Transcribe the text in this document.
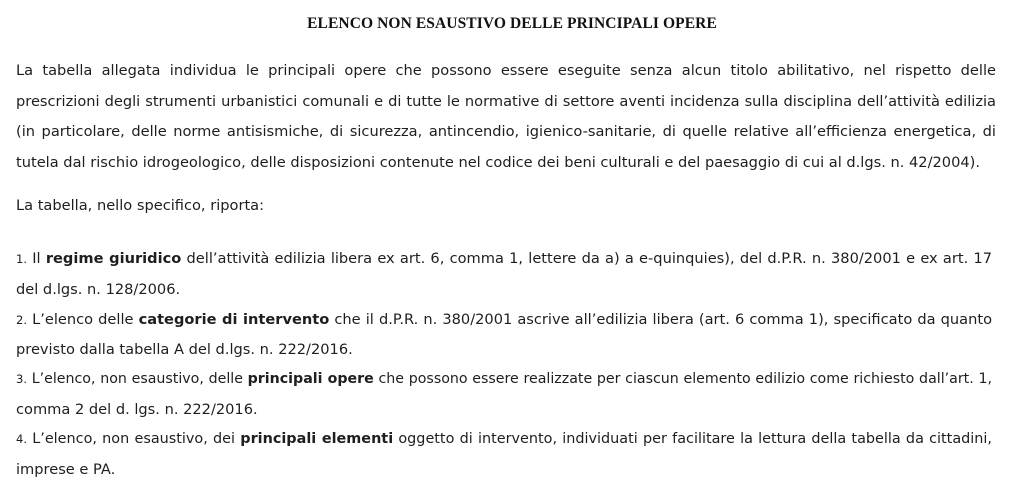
ELENCO NON ESAUSTIVO DELLE PRINCIPALI OPERE
La tabella allegata individua le principali opere che possono essere eseguite senza alcun titolo abilitativo, nel rispetto delle
prescrizioni degli strumenti urbanistici comunali e di tutte le normative di settore aventi incidenza sulla disciplina dell’attività edilizia
(in particolare, delle norme antisismiche, di sicurezza, antincendio, igienico-sanitarie, di quelle relative all’efficienza energetica, di
tutela dal rischio idrogeologico, delle disposizioni contenute nel codice dei beni culturali e del paesaggio di cui al d.lgs. n. 42/2004).
La tabella, nello specifico, riporta:
1. Il regime giuridico dell’attività edilizia libera ex art. 6, comma 1, lettere da a) a e-quinquies), del d.P.R. n. 380/2001 e ex art. 17
del d.lgs. n. 128/2006.
2. L’elenco delle categorie di intervento che il d.P.R. n. 380/2001 ascrive all’edilizia libera (art. 6 comma 1), specificato da quanto
previsto dalla tabella A del d.lgs. n. 222/2016.
3. L’elenco, non esaustivo, delle principali opere che possono essere realizzate per ciascun elemento edilizio come richiesto dall’art. 1,
comma 2 del d. lgs. n. 222/2016.
4. L’elenco, non esaustivo, dei principali elementi oggetto di intervento, individuati per facilitare la lettura della tabella da cittadini,
imprese e PA.
